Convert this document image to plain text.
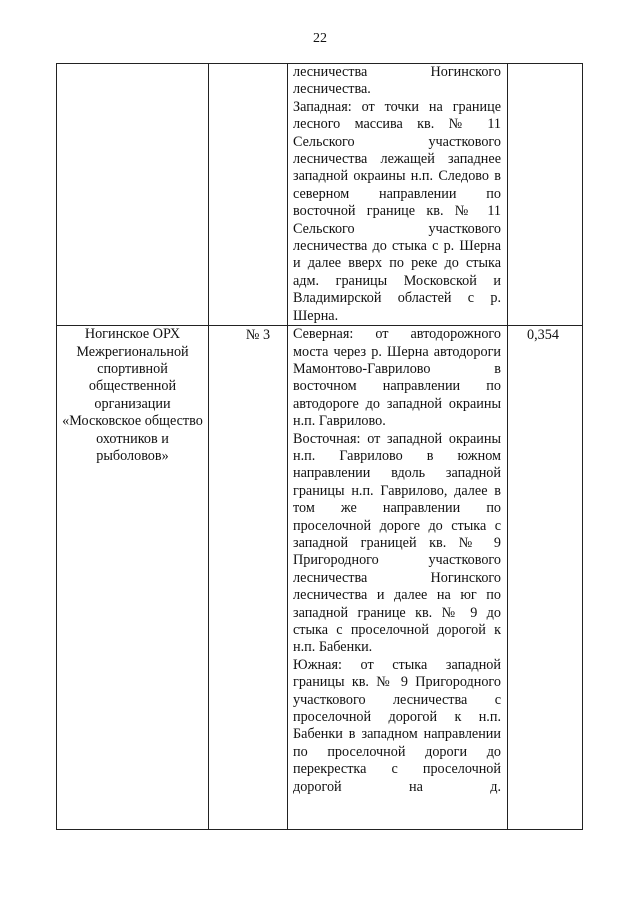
22

		лесничества Ногинского лесничества.

Западная: от точки на границе лесного массива кв. № 11 Сельского участкового лесничества лежащей западнее западной окраины н.п. Следово в северном направлении по восточной границе кв. № 11 Сельского участкового лесничества до стыка с р. Шерна и далее вверх по реке до стыка адм. границы Московской и Владимирской областей с р. Шерна.	

Ногинское ОРХ Межрегиональной спортивной общественной организации «Московское общество охотников и рыболовов»	№ 3	Северная: от автодорожного моста через р. Шерна автодороги Мамонтово-Гаврилово в восточном направлении по автодороге до западной окраины н.п. Гаврилово.

Восточная: от западной окраины н.п. Гаврилово в южном направлении вдоль западной границы н.п. Гаврилово, далее в том же направлении по проселочной дороге до стыка с западной границей кв. № 9 Пригородного участкового лесничества Ногинского лесничества и далее на юг по западной границе кв. № 9 до стыка с проселочной дорогой к н.п. Бабенки.

Южная: от стыка западной границы кв. № 9 Пригородного участкового лесничества с проселочной дорогой к н.п. Бабенки в западном направлении по проселочной дороги до перекрестка с проселочной дорогой на д.	0,354
